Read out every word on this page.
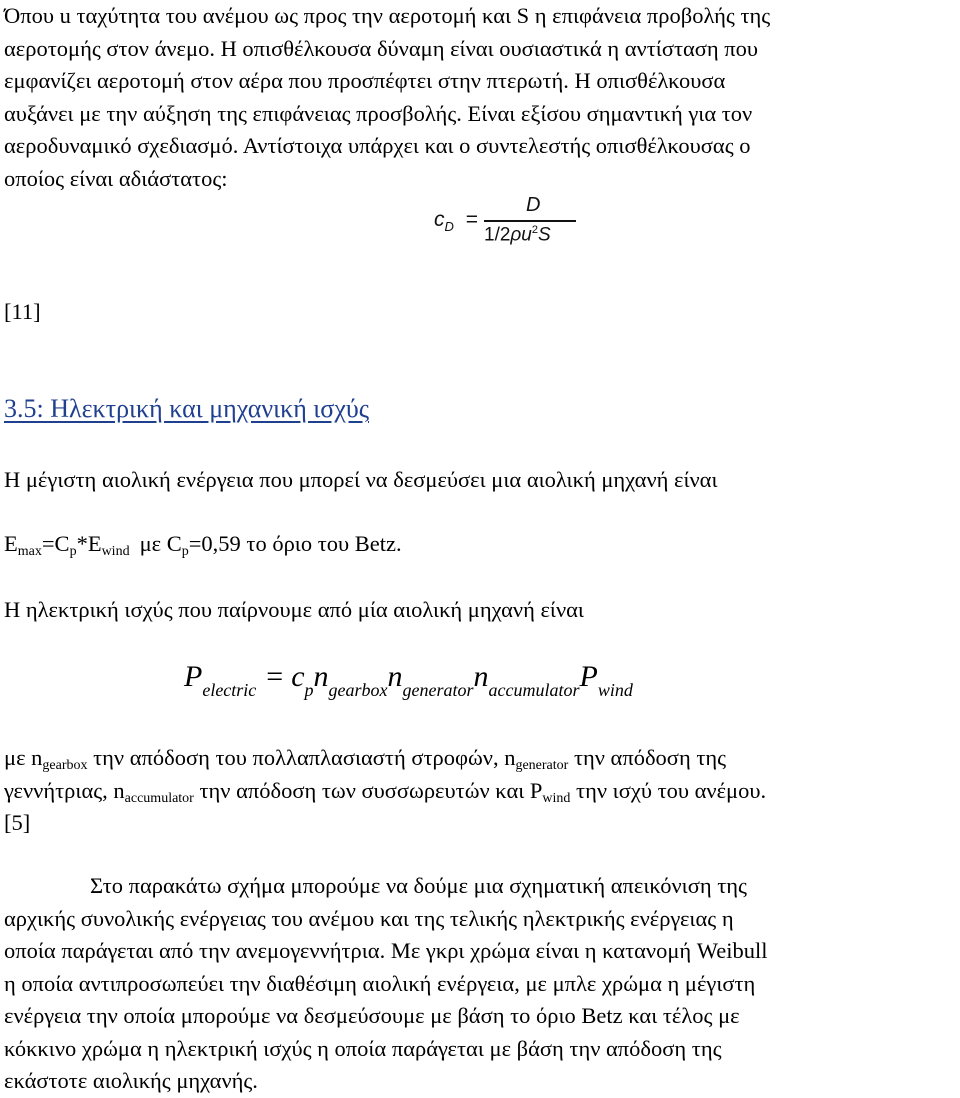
Όπου u ταχύτητα του ανέμου ως προς την αεροτομή και S η επιφάνεια προβολής της
αεροτομής στον άνεμο. Η οπισθέλκουσα δύναμη είναι ουσιαστικά η αντίσταση που
εμφανίζει αεροτομή στον αέρα που προσπέφτει στην πτερωτή. Η οπισθέλκουσα
αυξάνει με την αύξηση της επιφάνειας προσβολής. Είναι εξίσου σημαντική για τον
αεροδυναμικό σχεδιασμό. Αντίστοιχα υπάρχει και ο συντελεστής οπισθέλκουσας ο
οποίος είναι αδιάστατος:
$c_D$ =
D
$1/2\rho u^2S$
[11]
3.5: Ηλεκτρική και μηχανική ισχύς
Η μέγιστη αιολική ενέργεια που μπορεί να δεσμεύσει μια αιολική μηχανή είναι
$E_{max}=C_p*E_{wind}$ με $C_p=0,59$ το όριο του Betz.
Η ηλεκτρική ισχύς που παίρνουμε από μία αιολική μηχανή είναι
$P_{electric} = c_pn_{gearbox}n_{generator}n_{accumulator}P_{wind}$
με $n_{gearbox}$ την απόδοση του πολλαπλασιαστή στροφών, $n_{generator}$ την απόδοση της
γεννήτριας, $n_{accumulator}$ την απόδοση των συσσωρευτών και $P_{wind}$ την ισχύ του ανέμου.
[5]
Στο παρακάτω σχήμα μπορούμε να δούμε μια σχηματική απεικόνιση της
αρχικής συνολικής ενέργειας του ανέμου και της τελικής ηλεκτρικής ενέργειας η
οποία παράγεται από την ανεμογεννήτρια. Με γκρι χρώμα είναι η κατανομή Weibull
η οποία αντιπροσωπεύει την διαθέσιμη αιολική ενέργεια, με μπλε χρώμα η μέγιστη
ενέργεια την οποία μπορούμε να δεσμεύσουμε με βάση το όριο Betz και τέλος με
κόκκινο χρώμα η ηλεκτρική ισχύς η οποία παράγεται με βάση την απόδοση της
εκάστοτε αιολικής μηχανής.
